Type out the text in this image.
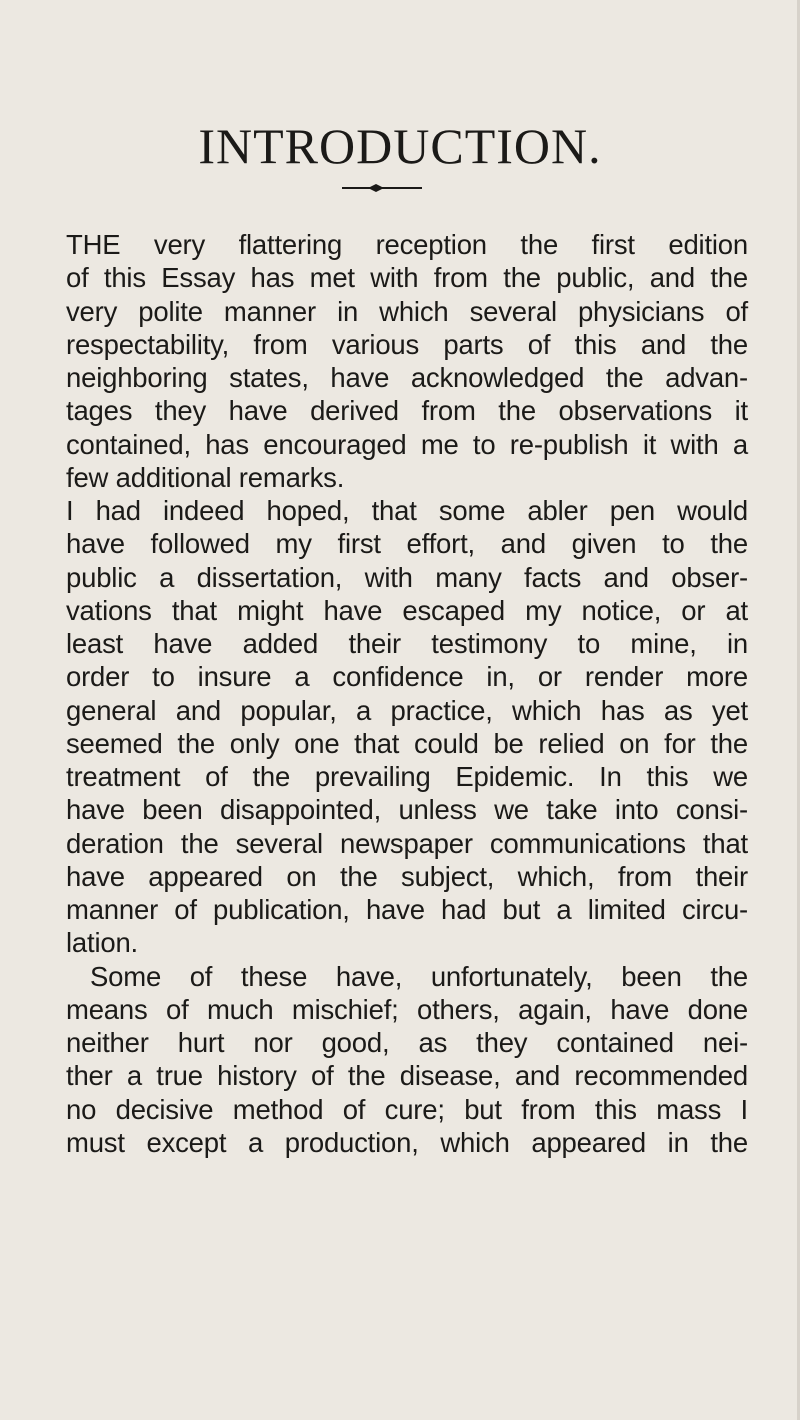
INTRODUCTION.
THE very flattering reception the first edition
of this Essay has met with from the public, and the
very polite manner in which several physicians of
respectability, from various parts of this and the
neighboring states, have acknowledged the advan-
tages they have derived from the observations it
contained, has encouraged me to re-publish it with a
few additional remarks.
I had indeed hoped, that some abler pen would
have followed my first effort, and given to the
public a dissertation, with many facts and obser-
vations that might have escaped my notice, or at
least have added their testimony to mine, in
order to insure a confidence in, or render more
general and popular, a practice, which has as yet
seemed the only one that could be relied on for the
treatment of the prevailing Epidemic. In this we
have been disappointed, unless we take into consi-
deration the several newspaper communications that
have appeared on the subject, which, from their
manner of publication, have had but a limited circu-
lation.
Some of these have, unfortunately, been the
means of much mischief; others, again, have done
neither hurt nor good, as they contained nei-
ther a true history of the disease, and recommended
no decisive method of cure; but from this mass I
must except a production, which appeared in the
